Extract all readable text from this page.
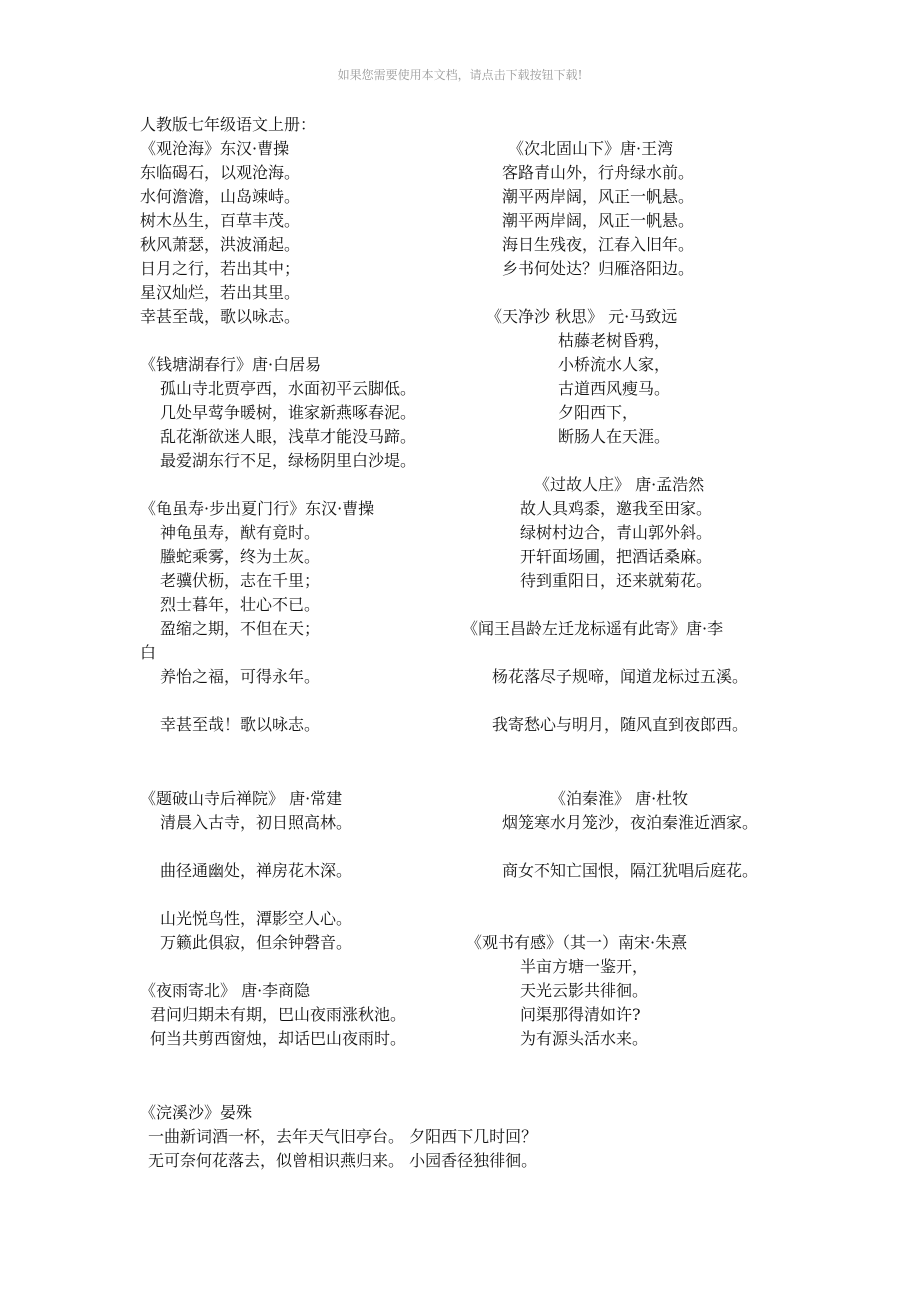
如果您需要使用本文档，请点击下载按钮下载!
人教版七年级语文上册：
《观沧海》东汉·曹操
东临碣石，以观沧海。
水何澹澹，山岛竦峙。
树木丛生，百草丰茂。
秋风萧瑟，洪波涌起。
日月之行，若出其中；
星汉灿烂，若出其里。
幸甚至哉，歌以咏志。
《钱塘湖春行》唐·白居易
孤山寺北贾亭西，水面初平云脚低。
几处早莺争暖树，谁家新燕啄春泥。
乱花渐欲迷人眼，浅草才能没马蹄。
最爱湖东行不足，绿杨阴里白沙堤。
《龟虽寿·步出夏门行》东汉·曹操
神龟虽寿，猷有竟时。
螣蛇乘雾，终为土灰。
老骥伏枥，志在千里；
烈士暮年，壮心不已。
盈缩之期，不但在天；
白
养怡之福，可得永年。
幸甚至哉！歌以咏志。
《题破山寺后禅院》 唐·常建
清晨入古寺，初日照高林。
曲径通幽处，禅房花木深。
山光悦鸟性，潭影空人心。
万籁此俱寂，但余钟磬音。
《夜雨寄北》 唐·李商隐
君问归期未有期，巴山夜雨涨秋池。
何当共剪西窗烛，却话巴山夜雨时。
《浣溪沙》晏殊
一曲新词酒一杯，去年天气旧亭台。 夕阳西下几时回？
无可奈何花落去，似曾相识燕归来。 小园香径独徘徊。
《次北固山下》唐·王湾
客路青山外，行舟绿水前。
潮平两岸阔，风正一帆悬。
潮平两岸阔，风正一帆悬。
海日生残夜，江春入旧年。
乡书何处达？归雁洛阳边。
《天净沙 秋思》 元·马致远
枯藤老树昏鸦，
小桥流水人家，
古道西风瘦马。
夕阳西下，
断肠人在天涯。
《过故人庄》 唐·孟浩然
故人具鸡黍，邀我至田家。
绿树村边合，青山郭外斜。
开轩面场圃，把酒话桑麻。
待到重阳日，还来就菊花。
《闻王昌龄左迁龙标遥有此寄》唐·李
杨花落尽子规啼，闻道龙标过五溪。
我寄愁心与明月，随风直到夜郎西。
《泊秦淮》 唐·杜牧
烟笼寒水月笼沙，夜泊秦淮近酒家。
商女不知亡国恨，隔江犹唱后庭花。
《观书有感》（其一）南宋·朱熹
半亩方塘一鉴开，
天光云影共徘徊。
问渠那得清如许?
为有源头活水来。
